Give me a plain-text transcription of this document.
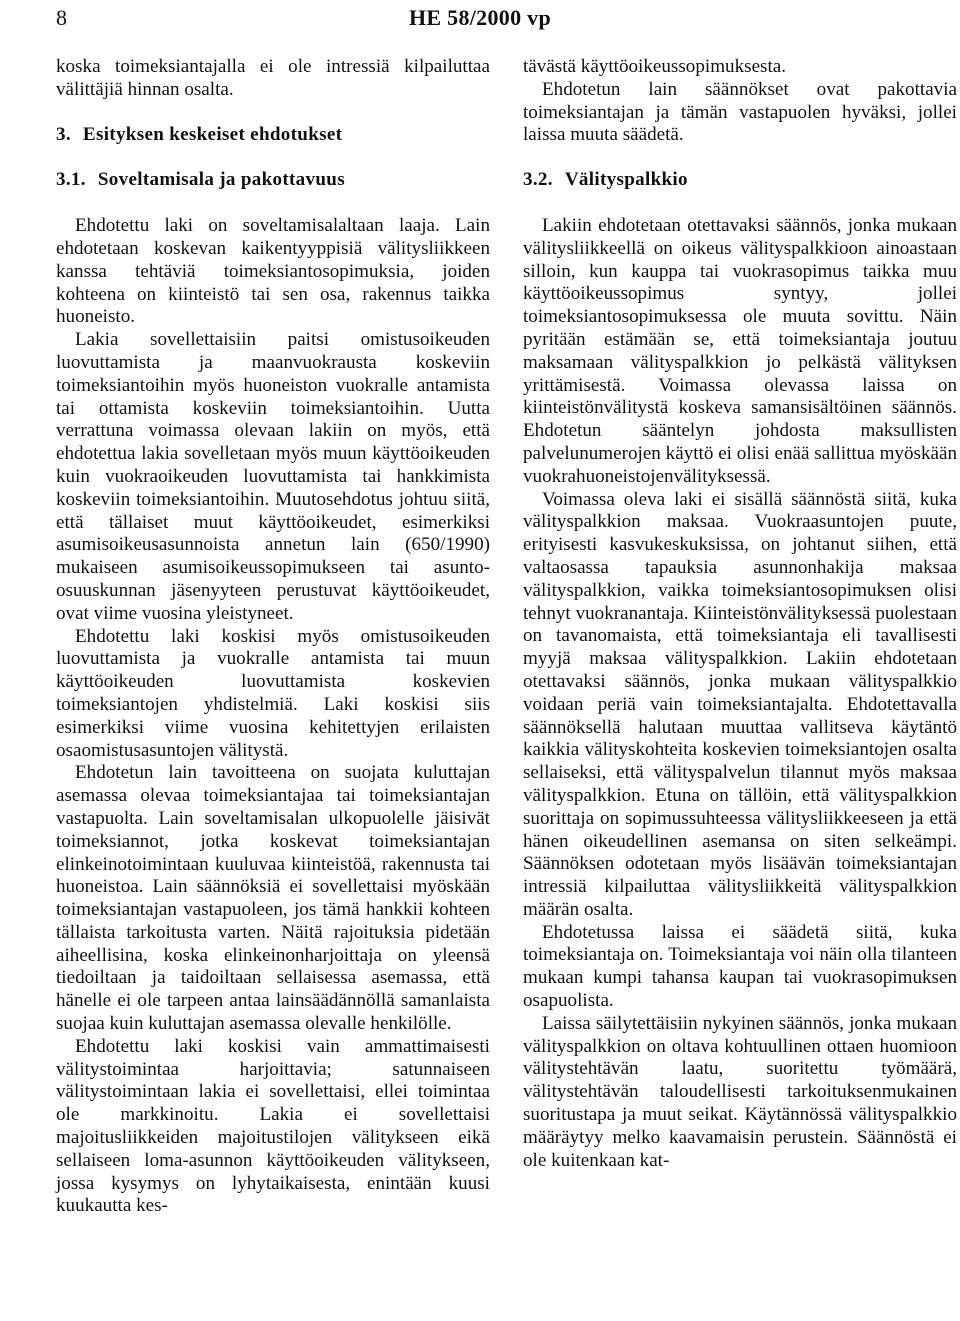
8	HE 58/2000 vp

koska toimeksiantajalla ei ole intressiä kilpailuttaa välittäjiä hinnan osalta.

3. Esityksen keskeiset ehdotukset
3.1. Soveltamisala ja pakottavuus

Ehdotettu laki on soveltamisalaltaan laaja. Lain ehdotetaan koskevan kaikentyyppisiä välitysliikkeen kanssa tehtäviä toimeksiantosopimuksia, joiden kohteena on kiinteistö tai sen osa, rakennus taikka huoneisto.

Lakia sovellettaisiin paitsi omistusoikeuden luovuttamista ja maanvuokrausta koskeviin toimeksiantoihin myös huoneiston vuokralle antamista tai ottamista koskeviin toimeksiantoihin. Uutta verrattuna voimassa olevaan lakiin on myös, että ehdotettua lakia sovelletaan myös muun käyttöoikeuden kuin vuokraoikeuden luovuttamista tai hankkimista koskeviin toimeksiantoihin. Muutosehdotus johtuu siitä, että tällaiset muut käyttöoikeudet, esimerkiksi asumisoikeusasunnoista annetun lain (650/1990) mukaiseen asumisoikeussopimukseen tai asunto-osuuskunnan jäsenyyteen perustuvat käyttöoikeudet, ovat viime vuosina yleistyneet.

Ehdotettu laki koskisi myös omistusoikeuden luovuttamista ja vuokralle antamista tai muun käyttöoikeuden luovuttamista koskevien toimeksiantojen yhdistelmiä. Laki koskisi siis esimerkiksi viime vuosina kehitettyjen erilaisten osaomistusasuntojen välitystä.

Ehdotetun lain tavoitteena on suojata kuluttajan asemassa olevaa toimeksiantajaa tai toimeksiantajan vastapuolta. Lain soveltamisalan ulkopuolelle jäisivät toimeksiannot, jotka koskevat toimeksiantajan elinkeinotoimintaan kuuluvaa kiinteistöä, rakennusta tai huoneistoa. Lain säännöksiä ei sovellettaisi myöskään toimeksiantajan vastapuoleen, jos tämä hankkii kohteen tällaista tarkoitusta varten. Näitä rajoituksia pidetään aiheellisina, koska elinkeinonharjoittaja on yleensä tiedoiltaan ja taidoiltaan sellaisessa asemassa, että hänelle ei ole tarpeen antaa lainsäädännöllä samanlaista suojaa kuin kuluttajan asemassa olevalle henkilölle.

Ehdotettu laki koskisi vain ammattimaisesti välitystoimintaa harjoittavia; satunnaiseen välitystoimintaan lakia ei sovellettaisi, ellei toimintaa ole markkinoitu. Lakia ei sovellettaisi majoitusliikkeiden majoitustilojen välitykseen eikä sellaiseen loma-asunnon käyttöoikeuden välitykseen, jossa kysymys on lyhytaikaisesta, enintään kuusi kuukautta kes-

tävästä käyttöoikeussopimuksesta.

Ehdotetun lain säännökset ovat pakottavia toimeksiantajan ja tämän vastapuolen hyväksi, jollei laissa muuta säädetä.

3.2. Välityspalkkio

Lakiin ehdotetaan otettavaksi säännös, jonka mukaan välitysliikkeellä on oikeus välityspalkkioon ainoastaan silloin, kun kauppa tai vuokrasopimus taikka muu käyttöoikeussopimus syntyy, jollei toimeksiantosopimuksessa ole muuta sovittu. Näin pyritään estämään se, että toimeksiantaja joutuu maksamaan välityspalkkion jo pelkästä välityksen yrittämisestä. Voimassa olevassa laissa on kiinteistönvälitystä koskeva samansisältöinen säännös. Ehdotetun sääntelyn johdosta maksullisten palvelunumerojen käyttö ei olisi enää sallittua myöskään vuokrahuoneistojenvälityksessä.

Voimassa oleva laki ei sisällä säännöstä siitä, kuka välityspalkkion maksaa. Vuokraasuntojen puute, erityisesti kasvukeskuksissa, on johtanut siihen, että valtaosassa tapauksia asunnonhakija maksaa välityspalkkion, vaikka toimeksiantosopimuksen olisi tehnyt vuokranantaja. Kiinteistönvälityksessä puolestaan on tavanomaista, että toimeksiantaja eli tavallisesti myyjä maksaa välityspalkkion. Lakiin ehdotetaan otettavaksi säännös, jonka mukaan välityspalkkio voidaan periä vain toimeksiantajalta. Ehdotettavalla säännöksellä halutaan muuttaa vallitseva käytäntö kaikkia välityskohteita koskevien toimeksiantojen osalta sellaiseksi, että välityspalvelun tilannut myös maksaa välityspalkkion. Etuna on tällöin, että välityspalkkion suorittaja on sopimussuhteessa välitysliikkeeseen ja että hänen oikeudellinen asemansa on siten selkeämpi. Säännöksen odotetaan myös lisäävän toimeksiantajan intressiä kilpailuttaa välitysliikkeitä välityspalkkion määrän osalta.

Ehdotetussa laissa ei säädetä siitä, kuka toimeksiantaja on. Toimeksiantaja voi näin olla tilanteen mukaan kumpi tahansa kaupan tai vuokrasopimuksen osapuolista.

Laissa säilytettäisiin nykyinen säännös, jonka mukaan välityspalkkion on oltava kohtuullinen ottaen huomioon välitystehtävän laatu, suoritettu työmäärä, välitystehtävän taloudellisesti tarkoituksenmukainen suoritustapa ja muut seikat. Käytännössä välityspalkkio määräytyy melko kaavamaisin perustein. Säännöstä ei ole kuitenkaan kat-
